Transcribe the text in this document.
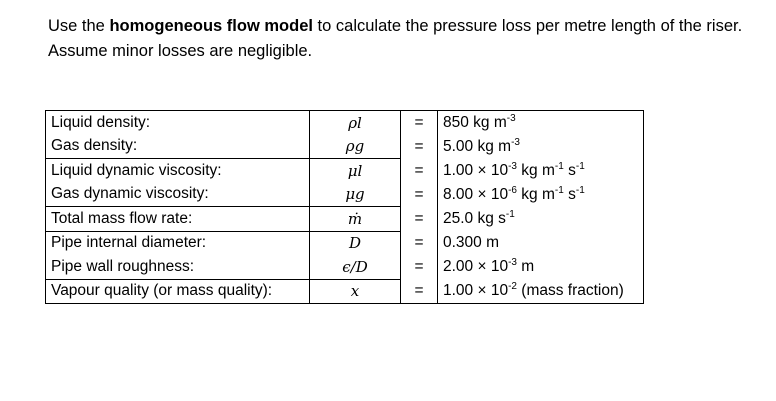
Use the homogeneous flow model to calculate the pressure loss per metre length of the riser.
Assume minor losses are negligible.
Liquid density:	ρl	=	850 kg $m^{-3}$
Gas density:	ρg	=	5.00 kg $m^{-3}$
Liquid dynamic viscosity:	μl	=	$1.00 \times 10^{-3}$ kg $m^{-1}$ $s^{-1}$
Gas dynamic viscosity:	μg	=	$8.00 \times 10^{-6}$ kg $m^{-1}$ $s^{-1}$
Total mass flow rate:	ṁ	=	25.0 kg $s^{-1}$
Pipe internal diameter:	D	=	0.300 m
Pipe wall roughness:	ϵ/D	=	$2.00 \times 10^{-3}$ m
Vapour quality (or mass quality):	x	=	$1.00 \times 10^{-2}$ (mass fraction)
